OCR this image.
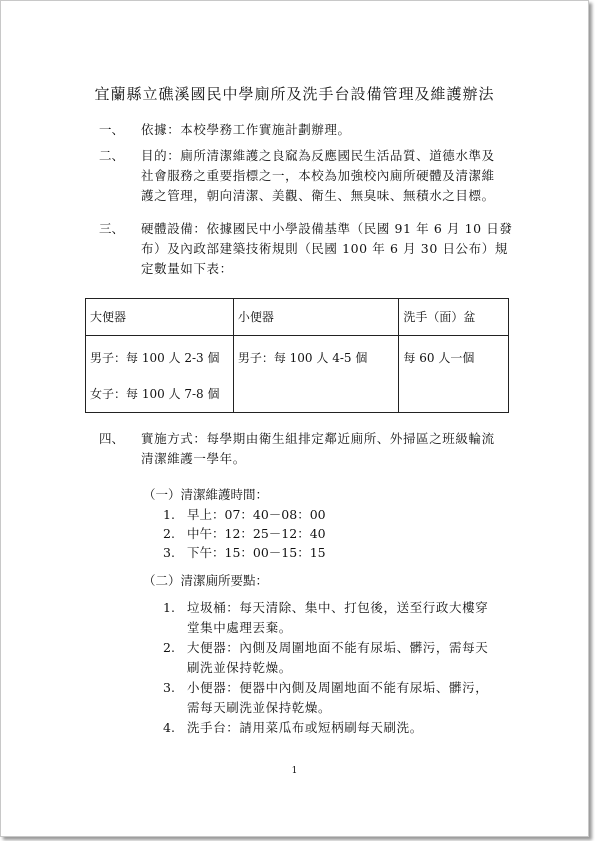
宜蘭縣立礁溪國民中學廁所及洗手台設備管理及維護辦法
一、 依據：本校學務工作實施計劃辦理。
二、 目的：廁所清潔維護之良窳為反應國民生活品質、道德水準及
社會服務之重要指標之一，本校為加強校內廁所硬體及清潔維
護之管理，朝向清潔、美觀、衛生、無臭味、無積水之目標。
三、 硬體設備：依據國民中小學設備基準（民國 91 年 6 月 10 日發
布）及內政部建築技術規則（民國 100 年 6 月 30 日公布）規
定數量如下表：
大便器	小便器	洗手（面）盆

男子：每 100 人 2-3 個
女子：每 100 人 7-8 個	男子：每 100 人 4-5 個	每 60 人一個
四、 實施方式：每學期由衛生組排定鄰近廁所、外掃區之班級輪流
清潔維護一學年。
（一）清潔維護時間：
1. 早上：07：40－08：00
2. 中午：12：25－12：40
3. 下午：15：00－15：15
（二）清潔廁所要點：
1. 垃圾桶：每天清除、集中、打包後，送至行政大樓穿
堂集中處理丟棄。
2. 大便器：內側及周圍地面不能有尿垢、髒污，需每天
刷洗並保持乾燥。
3. 小便器：便器中內側及周圍地面不能有尿垢、髒污，
需每天刷洗並保持乾燥。
4. 洗手台：請用菜瓜布或短柄刷每天刷洗。
1
